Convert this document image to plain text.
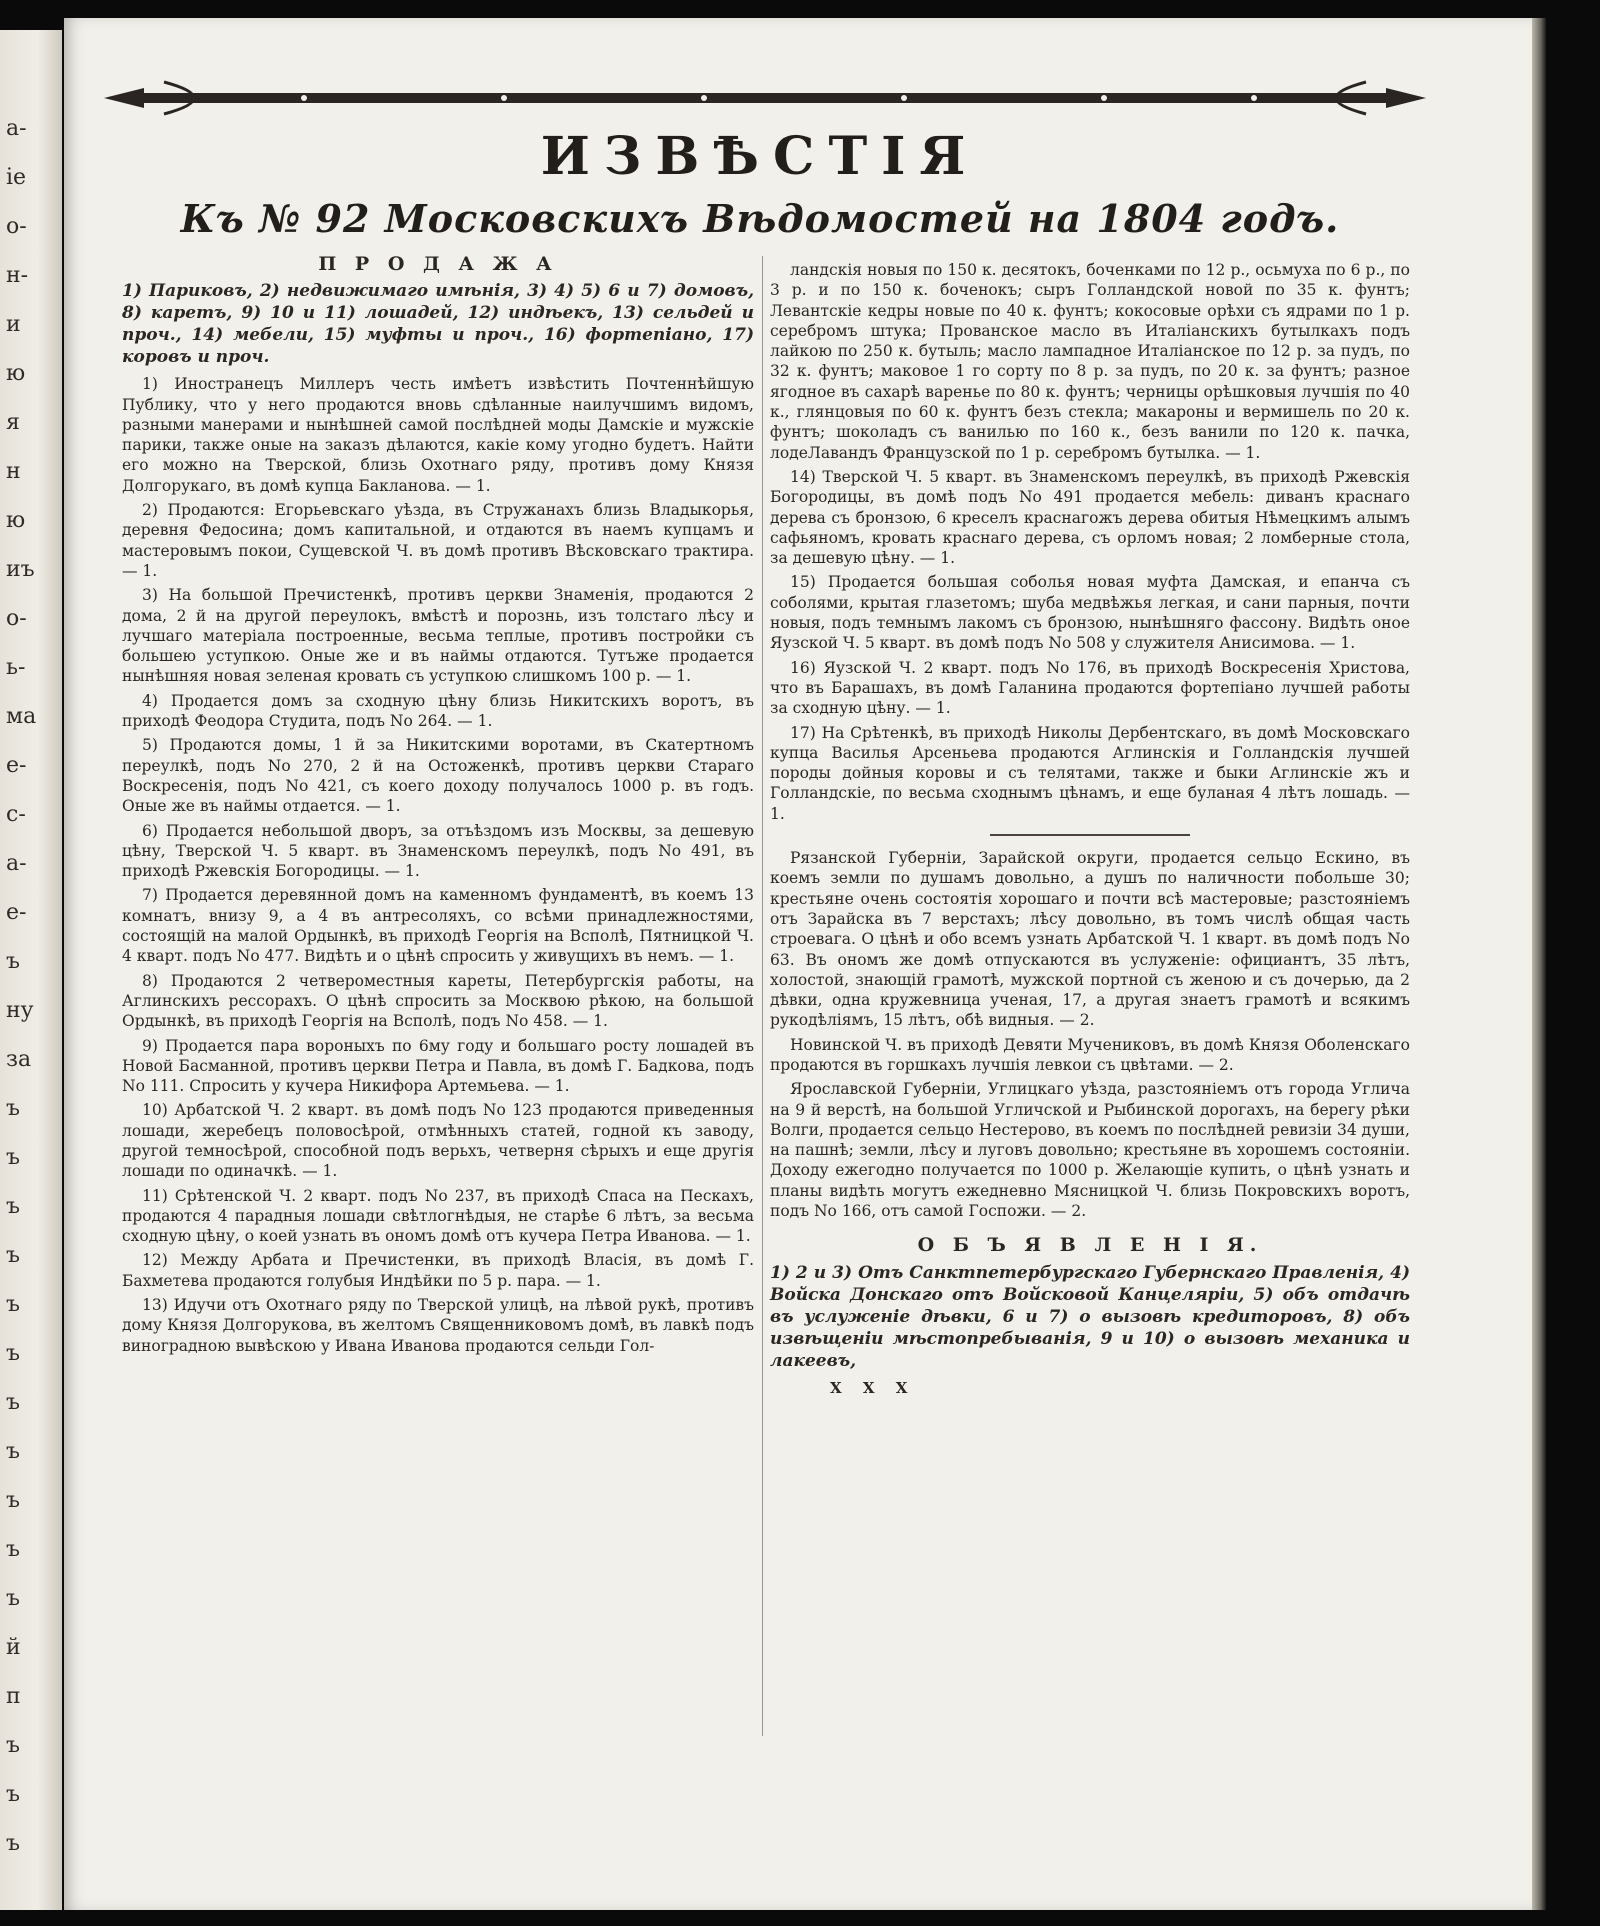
а-
іе
о-
н-
и
ю
я
н
ю
иъ
о-
ь-
ма
е-
с-
а-
е-
ъ
ну
за
ъ
ъ
ъ
ъ
ъ
ъ
ъ
ъ
ъ
ъ
ъ
й
п
ъ
ъ
ъ
ИЗВѢСТІЯ
Къ № 92 Московскихъ Вѣдомостей на 1804 годъ.
П Р О Д А Ж А
1) Париковъ, 2) недвижимаго имѣнія, 3) 4) 5) 6 и 7) домовъ, 8) каретъ, 9) 10 и 11) лошадей, 12) индѣекъ, 13) сельдей и проч., 14) мебели, 15) муфты и проч., 16) фортепіано, 17) коровъ и проч.
1) Иностранецъ Миллеръ честь имѣетъ извѣстить Почтеннѣйшую Публику, что у него продаются вновь сдѣланные наилучшимъ видомъ, разными манерами и нынѣшней самой послѣдней моды Дамскіе и мужскіе парики, также оные на заказъ дѣлаются, какіе кому угодно будетъ. Найти его можно на Тверской, близь Охотнаго ряду, противъ дому Князя Долгорукаго, въ домѣ купца Бакланова. — 1.
2) Продаются: Егорьевскаго уѣзда, въ Стружанахъ близь Владыкорья, деревня Федосина; домъ капитальной, и отдаются въ наемъ купцамъ и мастеровымъ покои, Сущевской Ч. въ домѣ противъ Вѣсковскаго трактира. — 1.
3) На большой Пречистенкѣ, противъ церкви Знаменія, продаются 2 дома, 2 й на другой переулокъ, вмѣстѣ и порознь, изъ толстаго лѣсу и лучшаго матеріала построенные, весьма теплые, противъ постройки съ большею уступкою. Оные же и въ наймы отдаются. Тутъже продается нынѣшняя новая зеленая кровать съ уступкою слишкомъ 100 р. — 1.
4) Продается домъ за сходную цѣну близь Никитскихъ воротъ, въ приходѣ Феодора Студита, подъ No 264. — 1.
5) Продаются домы, 1 й за Никитскими воротами, въ Скатертномъ переулкѣ, подъ No 270, 2 й на Остоженкѣ, противъ церкви Стараго Воскресенія, подъ No 421, съ коего доходу получалось 1000 р. въ годъ. Оные же въ наймы отдается. — 1.
6) Продается небольшой дворъ, за отъѣздомъ изъ Москвы, за дешевую цѣну, Тверской Ч. 5 кварт. въ Знаменскомъ переулкѣ, подъ No 491, въ приходѣ Ржевскія Богородицы. — 1.
7) Продается деревянной домъ на каменномъ фундаментѣ, въ коемъ 13 комнатъ, внизу 9, а 4 въ антресоляхъ, со всѣми принадлежностями, состоящій на малой Ордынкѣ, въ приходѣ Георгія на Всполѣ, Пятницкой Ч. 4 кварт. подъ No 477. Видѣть и о цѣнѣ спросить у живущихъ въ немъ. — 1.
8) Продаются 2 четвероместныя кареты, Петербургскія работы, на Аглинскихъ рессорахъ. О цѣнѣ спросить за Москвою рѣкою, на большой Ордынкѣ, въ приходѣ Георгія на Всполѣ, подъ No 458. — 1.
9) Продается пара вороныхъ по 6му году и большаго росту лошадей въ Новой Басманной, противъ церкви Петра и Павла, въ домѣ Г. Бадкова, подъ No 111. Спросить у кучера Никифора Артемьева. — 1.
10) Арбатской Ч. 2 кварт. въ домѣ подъ No 123 продаются приведенныя лошади, жеребецъ половосѣрой, отмѣнныхъ статей, годной къ заводу, другой темносѣрой, способной подъ верьхъ, четверня сѣрыхъ и еще другія лошади по одиначкѣ. — 1.
11) Срѣтенской Ч. 2 кварт. подъ No 237, въ приходѣ Спаса на Пескахъ, продаются 4 парадныя лошади свѣтлогнѣдыя, не старѣе 6 лѣтъ, за весьма сходную цѣну, о коей узнать въ ономъ домѣ отъ кучера Петра Иванова. — 1.
12) Между Арбата и Пречистенки, въ приходѣ Власія, въ домѣ Г. Бахметева продаются голубыя Индѣйки по 5 р. пара. — 1.
13) Идучи отъ Охотнаго ряду по Тверской улицѣ, на лѣвой рукѣ, противъ дому Князя Долгорукова, въ желтомъ Священниковомъ домѣ, въ лавкѣ подъ виноградною вывѣскою у Ивана Иванова продаются сельди Гол-
ландскія новыя по 150 к. десятокъ, боченками по 12 р., осьмуха по 6 р., по 3 р. и по 150 к. боченокъ; сыръ Голландской новой по 35 к. фунтъ; Левантскіе кедры новые по 40 к. фунтъ; кокосовые орѣхи съ ядрами по 1 р. серебромъ штука; Прованское масло въ Италіанскихъ бутылкахъ подъ лайкою по 250 к. бутыль; масло лампадное Италіанское по 12 р. за пудъ, по 32 к. фунтъ; маковое 1 го сорту по 8 р. за пудъ, по 20 к. за фунтъ; разное ягодное въ сахарѣ варенье по 80 к. фунтъ; черницы орѣшковыя лучшія по 40 к., глянцовыя по 60 к. фунтъ безъ стекла; макароны и вермишель по 20 к. фунтъ; шоколадъ съ ванилью по 160 к., безъ ванили по 120 к. пачка, лодеЛавандъ Французской по 1 р. серебромъ бутылка. — 1.
14) Тверской Ч. 5 кварт. въ Знаменскомъ переулкѣ, въ приходѣ Ржевскія Богородицы, въ домѣ подъ No 491 продается мебель: диванъ краснаго дерева съ бронзою, 6 креселъ краснагожъ дерева обитыя Нѣмецкимъ алымъ сафьяномъ, кровать краснаго дерева, съ орломъ новая; 2 ломберные стола, за дешевую цѣну. — 1.
15) Продается большая соболья новая муфта Дамская, и епанча съ соболями, крытая глазетомъ; шуба медвѣжья легкая, и сани парныя, почти новыя, подъ темнымъ лакомъ съ бронзою, нынѣшняго фассону. Видѣть оное Яузской Ч. 5 кварт. въ домѣ подъ No 508 у служителя Анисимова. — 1.
16) Яузской Ч. 2 кварт. подъ No 176, въ приходѣ Воскресенія Христова, что въ Барашахъ, въ домѣ Галанина продаются фортепіано лучшей работы за сходную цѣну. — 1.
17) На Срѣтенкѣ, въ приходѣ Николы Дербентскаго, въ домѣ Московскаго купца Василья Арсеньева продаются Аглинскія и Голландскія лучшей породы дойныя коровы и съ телятами, также и быки Аглинскіе жъ и Голландскіе, по весьма сходнымъ цѣнамъ, и еще буланая 4 лѣтъ лошадь. — 1.
Рязанской Губерніи, Зарайской округи, продается сельцо Ескино, въ коемъ земли по душамъ довольно, а душъ по наличности побольше 30; крестьяне очень состоятія хорошаго и почти всѣ мастеровые; разстояніемъ отъ Зарайска въ 7 верстахъ; лѣсу довольно, въ томъ числѣ общая часть строевага. О цѣнѣ и обо всемъ узнать Арбатской Ч. 1 кварт. въ домѣ подъ No 63. Въ ономъ же домѣ отпускаются въ услуженіе: официантъ, 35 лѣтъ, холостой, знающій грамотѣ, мужской портной съ женою и съ дочерью, да 2 дѣвки, одна кружевница ученая, 17, а другая знаетъ грамотѣ и всякимъ рукодѣліямъ, 15 лѣтъ, обѣ видныя. — 2.
Новинской Ч. въ приходѣ Девяти Мучениковъ, въ домѣ Князя Оболенскаго продаются въ горшкахъ лучшія левкои съ цвѣтами. — 2.
Ярославской Губерніи, Углицкаго уѣзда, разстояніемъ отъ города Углича на 9 й верстѣ, на большой Угличской и Рыбинской дорогахъ, на берегу рѣки Волги, продается сельцо Нестерово, въ коемъ по послѣдней ревизіи 34 души, на пашнѣ; земли, лѣсу и луговъ довольно; крестьяне въ хорошемъ состояніи. Доходу ежегодно получается по 1000 р. Желающіе купить, о цѣнѣ узнать и планы видѣть могутъ ежедневно Мясницкой Ч. близь Покровскихъ воротъ, подъ No 166, отъ самой Госпожи. — 2.
О Б Ъ Я В Л Е Н І Я.
1) 2 и 3) Отъ Санктпетербургскаго Губернскаго Правленія, 4) Войска Донскаго отъ Войсковой Канцеляріи, 5) объ отдачѣ въ услуженіе дѣвки, 6 и 7) о вызовѣ кредиторовъ, 8) объ извѣщеніи мѣстопребыванія, 9 и 10) о вызовѣ механика и лакеевъ,
X X X
